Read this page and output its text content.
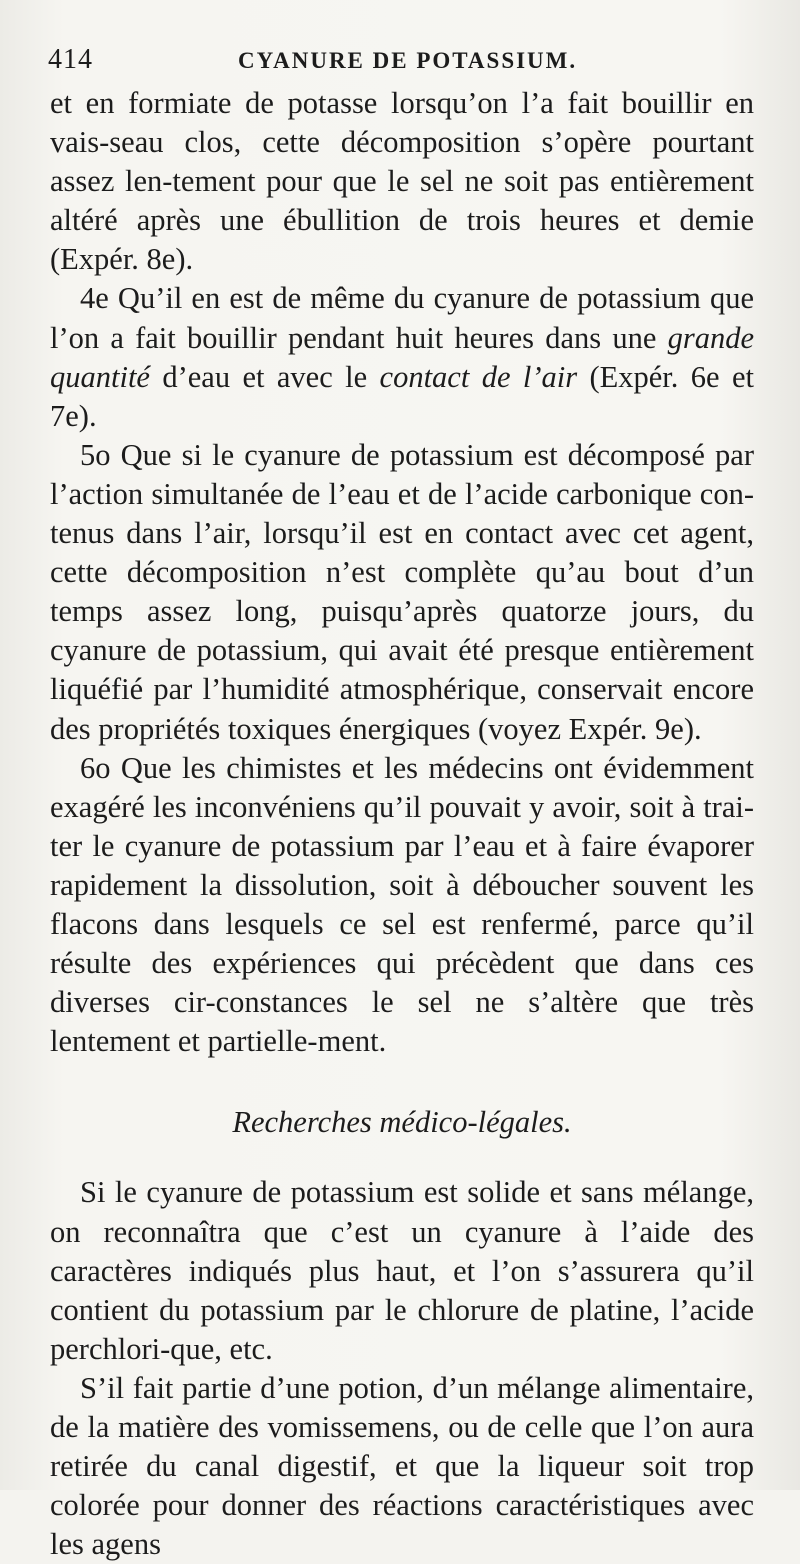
414	CYANURE DE POTASSIUM.

et en formiate de potasse lorsqu’on l’a fait bouillir en vais-seau clos, cette décomposition s’opère pourtant assez len-tement pour que le sel ne soit pas entièrement altéré après une ébullition de trois heures et demie (Expér. 8e).

4e Qu’il en est de même du cyanure de potassium que l’on a fait bouillir pendant huit heures dans une grande quantité d’eau et avec le contact de l’air (Expér. 6e et 7e).

5o Que si le cyanure de potassium est décomposé par l’action simultanée de l’eau et de l’acide carbonique con-tenus dans l’air, lorsqu’il est en contact avec cet agent, cette décomposition n’est complète qu’au bout d’un temps assez long, puisqu’après quatorze jours, du cyanure de potassium, qui avait été presque entièrement liquéfié par l’humidité atmosphérique, conservait encore des propriétés toxiques énergiques (voyez Expér. 9e).

6o Que les chimistes et les médecins ont évidemment exagéré les inconvéniens qu’il pouvait y avoir, soit à trai-ter le cyanure de potassium par l’eau et à faire évaporer rapidement la dissolution, soit à déboucher souvent les flacons dans lesquels ce sel est renfermé, parce qu’il résulte des expériences qui précèdent que dans ces diverses cir-constances le sel ne s’altère que très lentement et partielle-ment.

Recherches médico-légales.

Si le cyanure de potassium est solide et sans mélange, on reconnaîtra que c’est un cyanure à l’aide des caractères indiqués plus haut, et l’on s’assurera qu’il contient du potassium par le chlorure de platine, l’acide perchlori-que, etc.

S’il fait partie d’une potion, d’un mélange alimentaire, de la matière des vomissemens, ou de celle que l’on aura retirée du canal digestif, et que la liqueur soit trop colorée pour donner des réactions caractéristiques avec les agens
